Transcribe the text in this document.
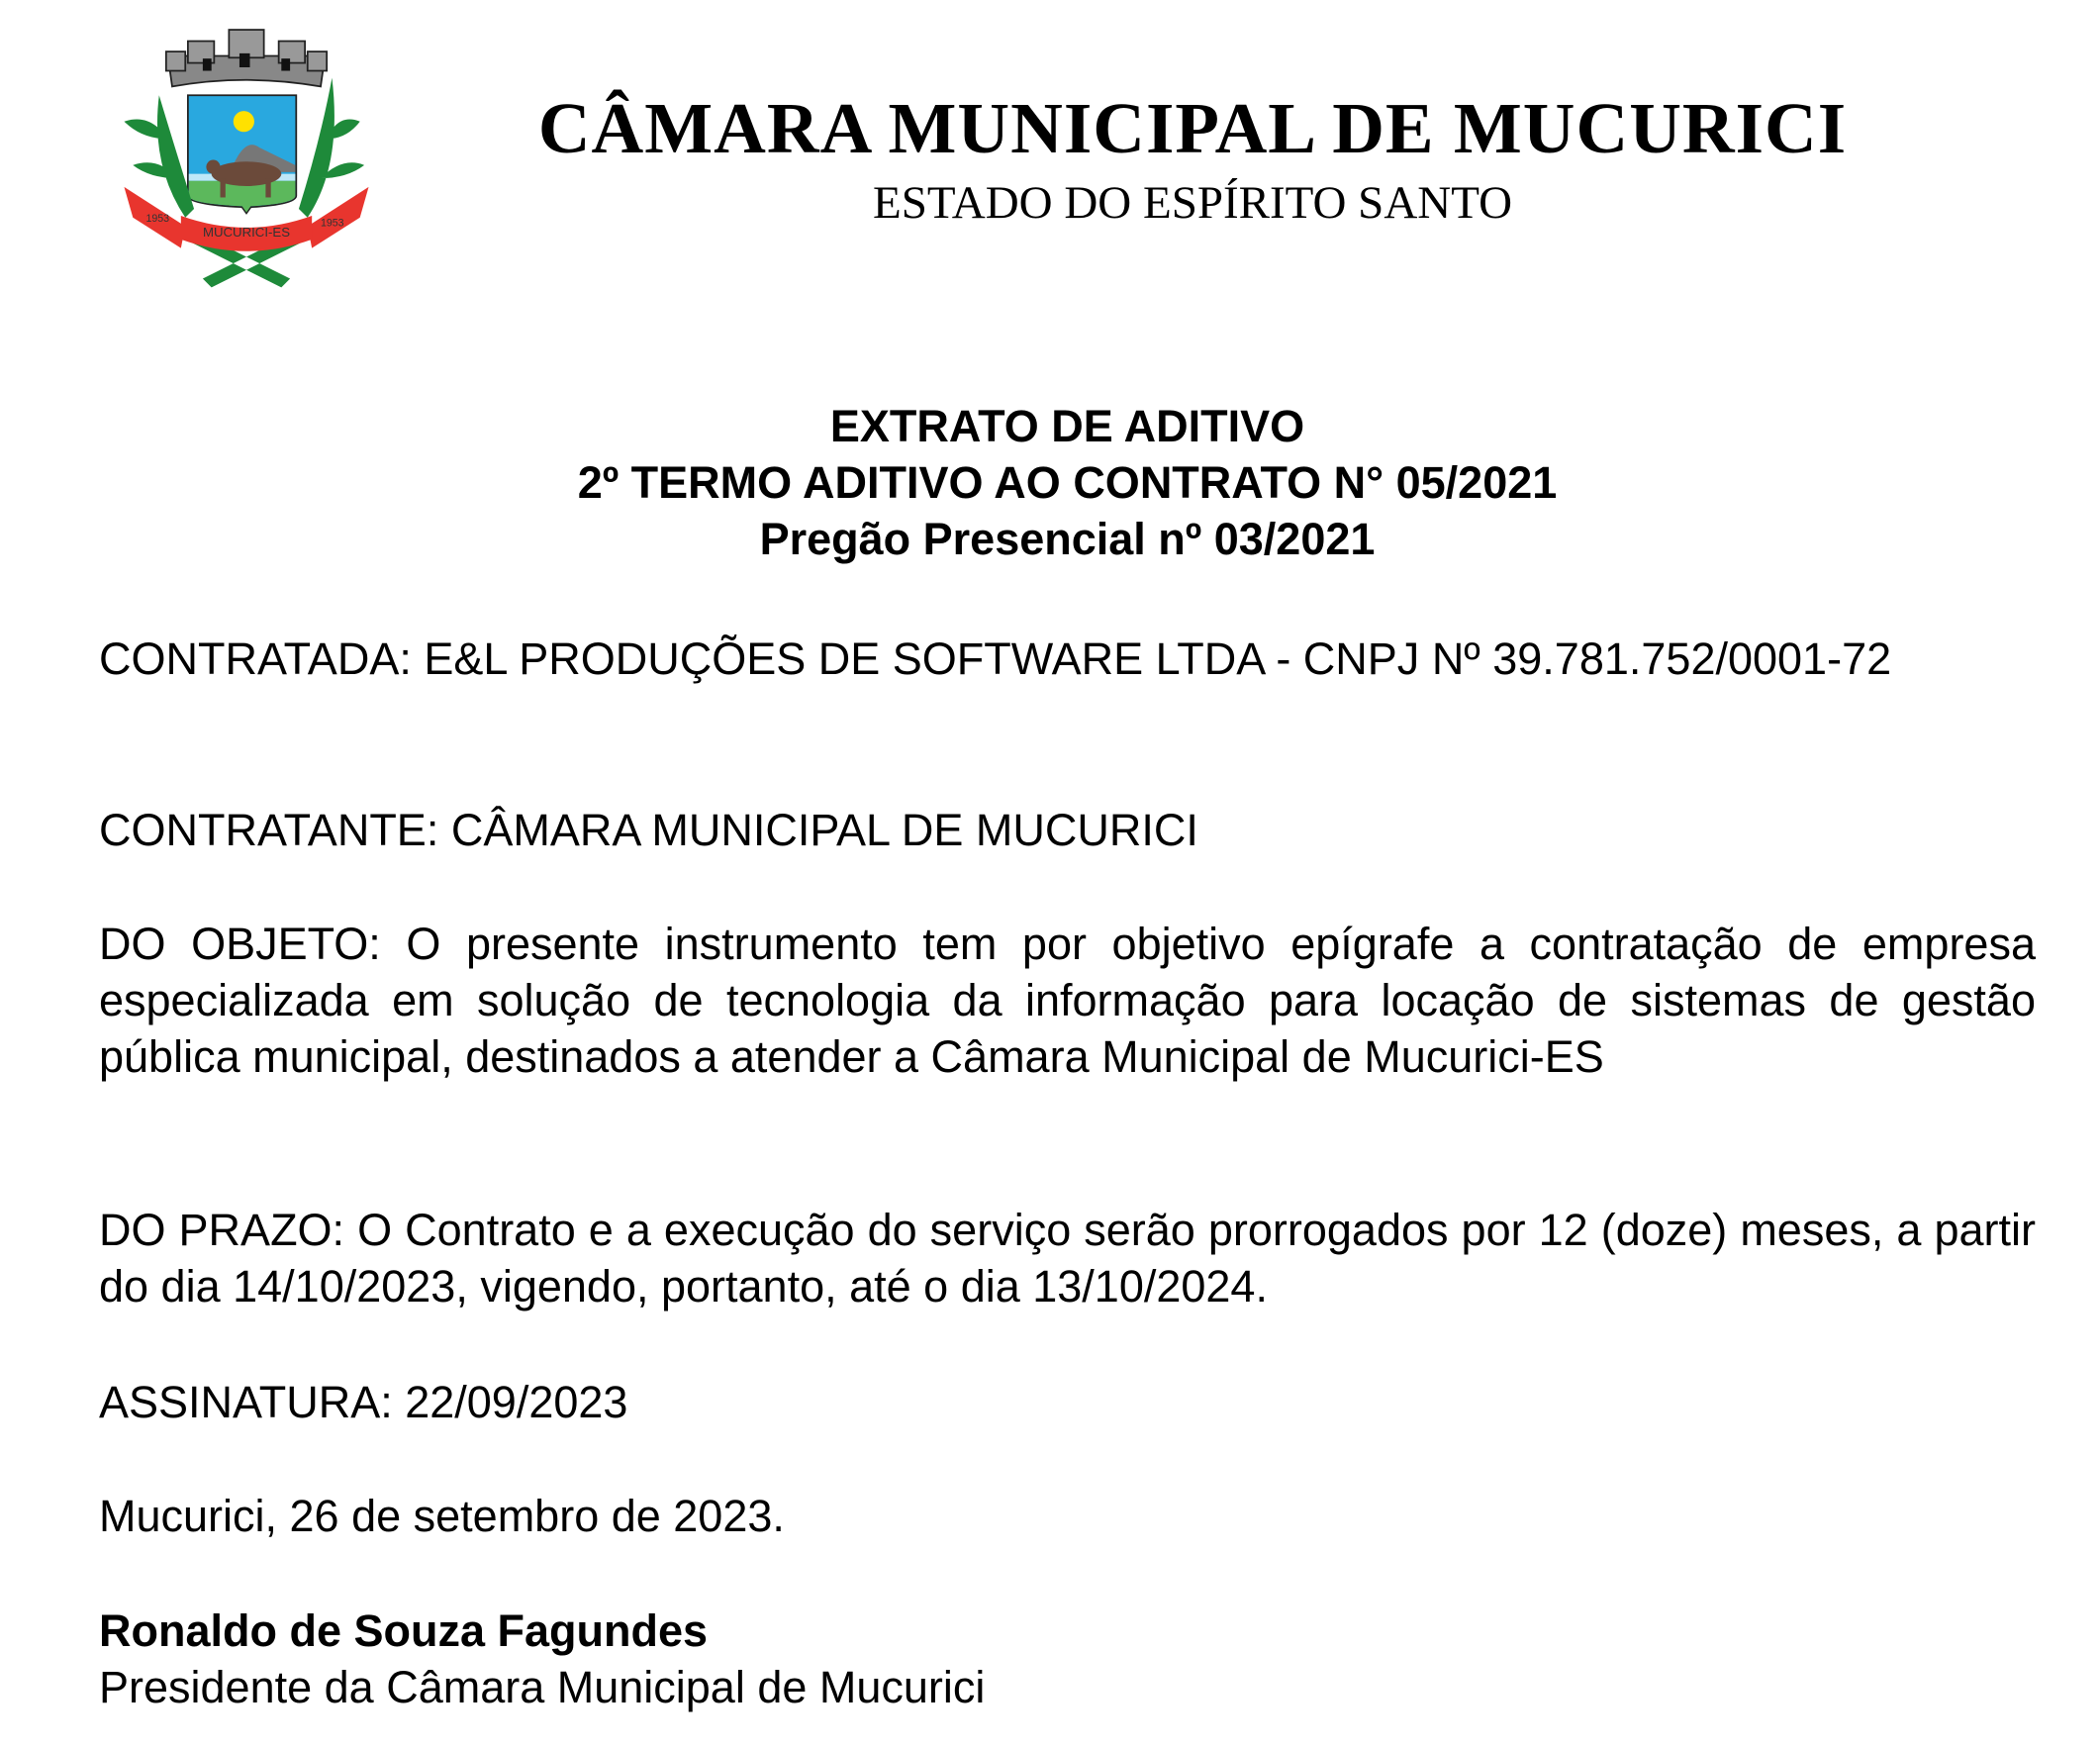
MUCURICI-ES
1953	1953
CÂMARA MUNICIPAL DE MUCURICI
ESTADO DO ESPÍRITO SANTO
EXTRATO DE ADITIVO
2º TERMO ADITIVO AO CONTRATO N° 05/2021
Pregão Presencial nº 03/2021
CONTRATADA: E&L PRODUÇÕES DE SOFTWARE LTDA - CNPJ Nº 39.781.752/0001-72
CONTRATANTE: CÂMARA MUNICIPAL DE MUCURICI
DO OBJETO: O presente instrumento tem por objetivo epígrafe a contratação de empresa especializada em solução de tecnologia da informação para locação de sistemas de gestão pública municipal, destinados a atender a Câmara Municipal de Mucurici-ES
DO PRAZO: O Contrato e a execução do serviço serão prorrogados por 12 (doze) meses, a partir do dia 14/10/2023, vigendo, portanto, até o dia 13/10/2024.
ASSINATURA: 22/09/2023
Mucurici, 26 de setembro de 2023.
Ronaldo de Souza Fagundes
Presidente da Câmara Municipal de Mucurici
